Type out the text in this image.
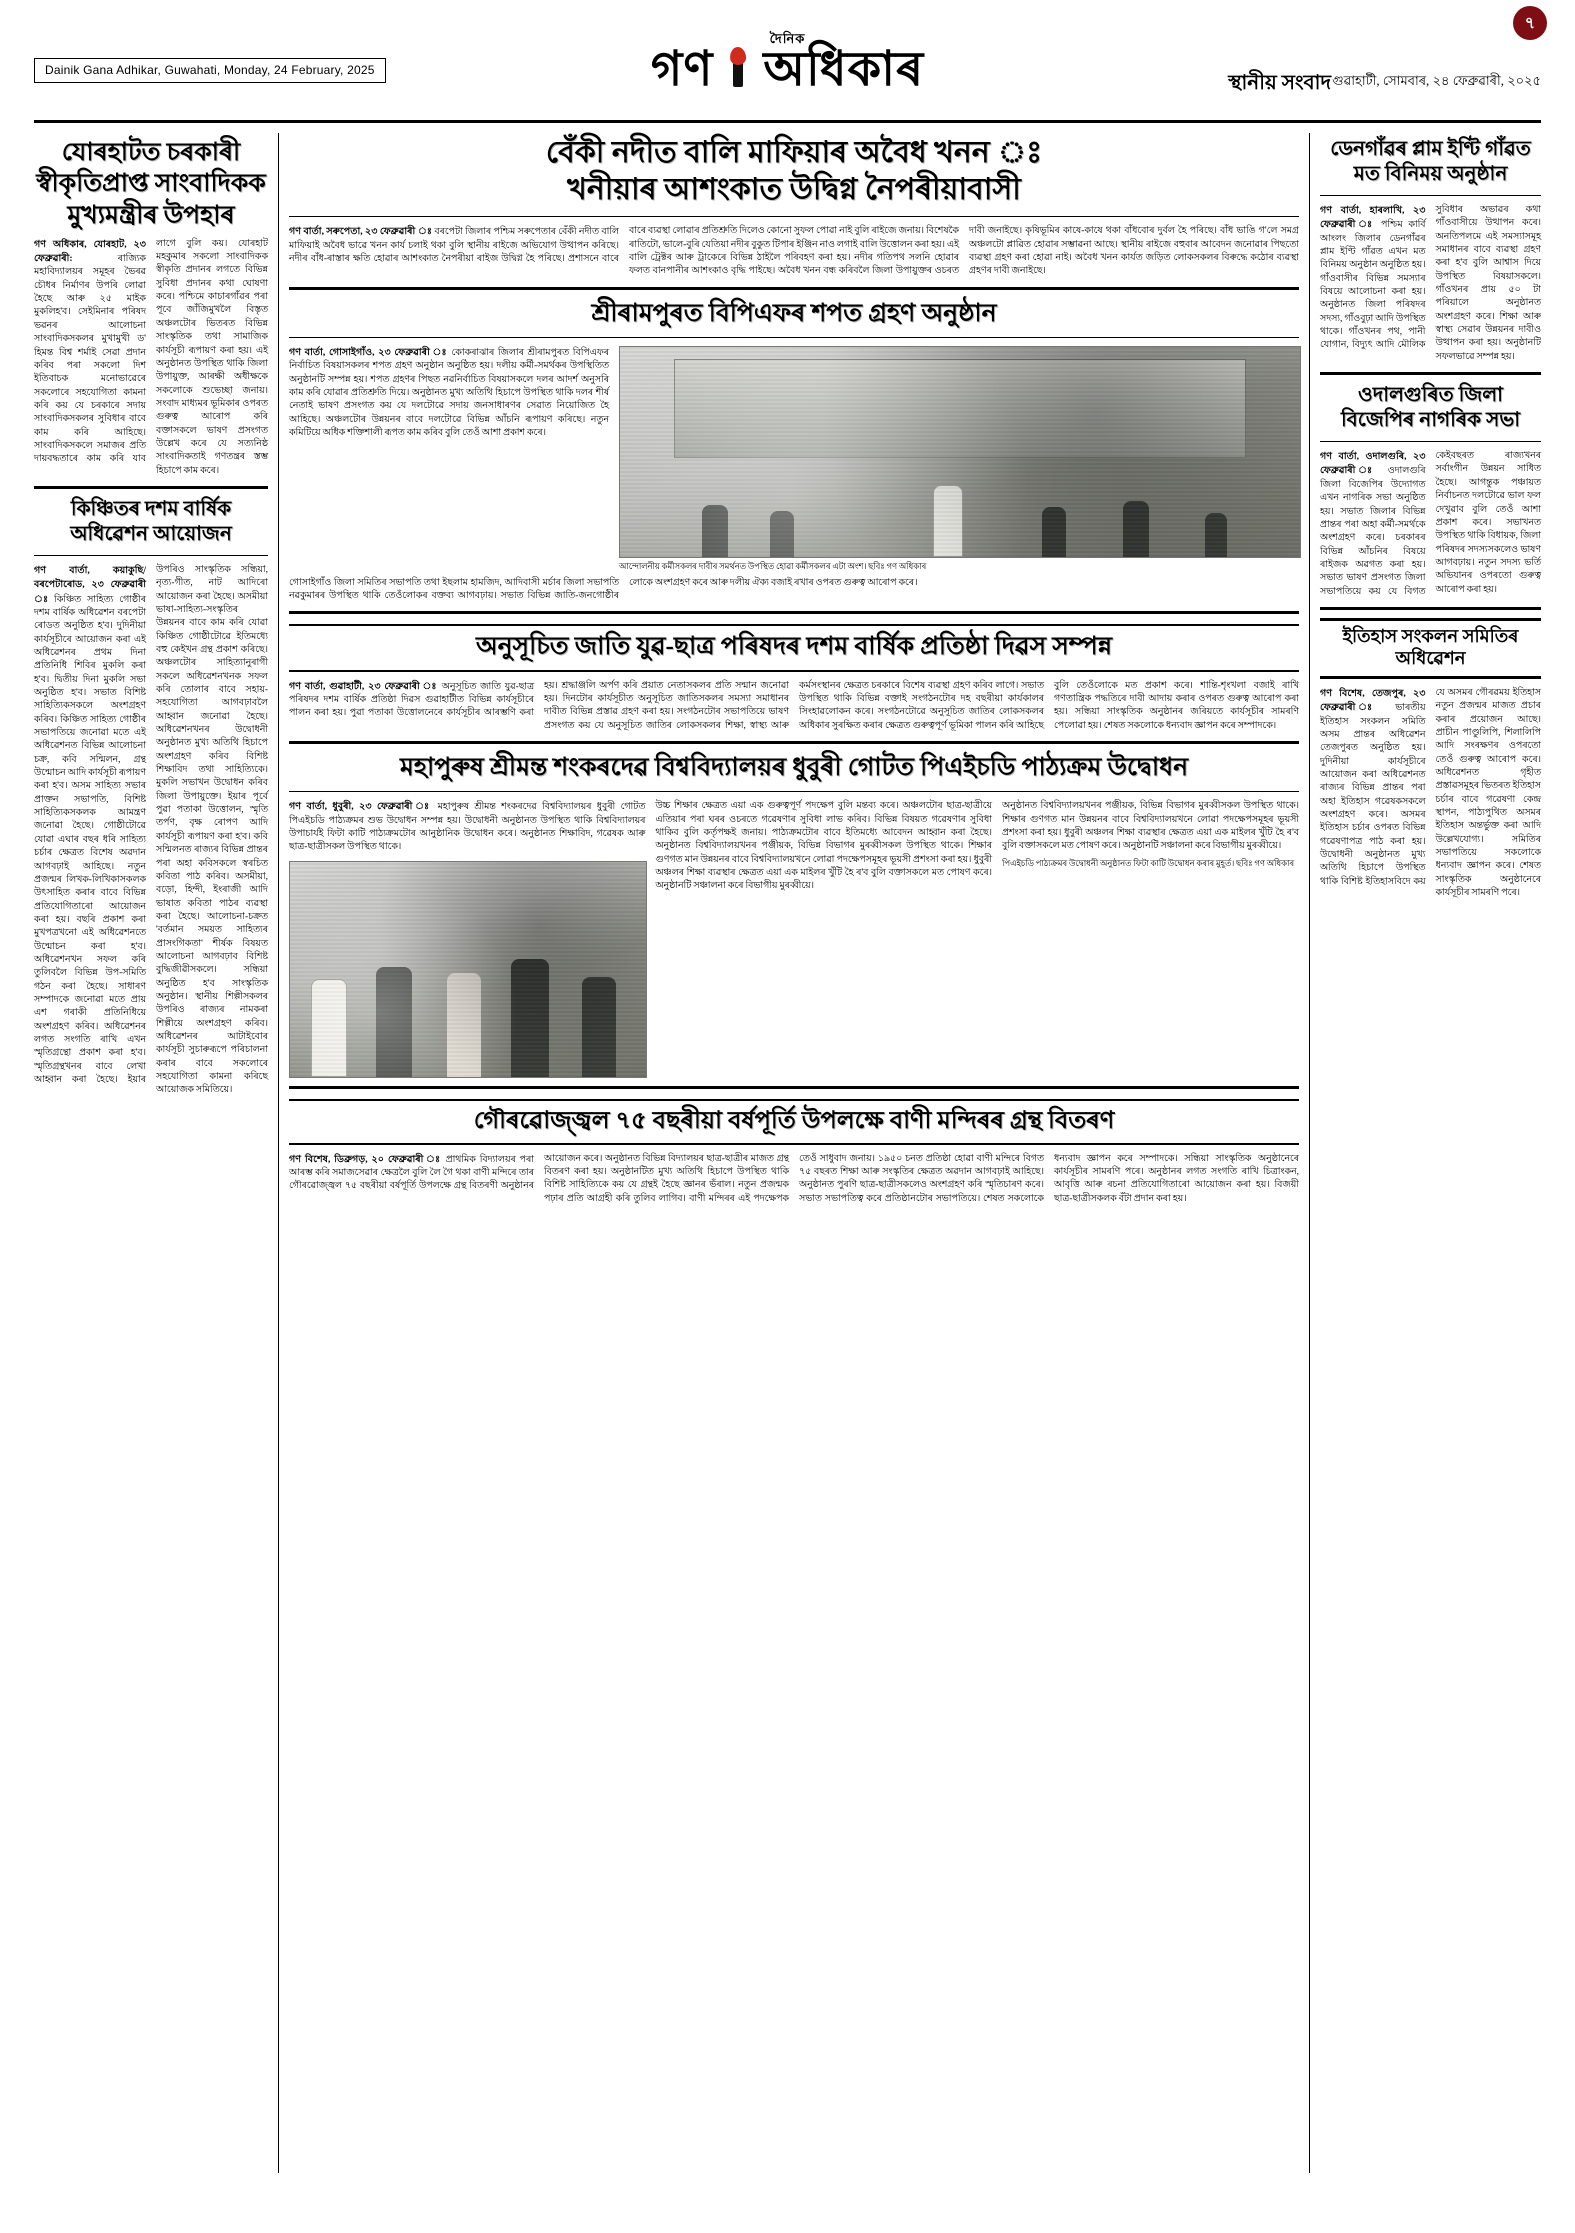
Dainik Gana Adhikar, Guwahati, Monday, 24 February, 2025
দৈনিক
গণ অধিকাৰ	স্থানীয় সংবাদ গুৱাহাটী, সোমবাৰ, ২৪ ফেব্ৰুৱাৰী, ২০২৫
৭
যোৰহাটত চৰকাৰী স্বীকৃতিপ্ৰাপ্ত সাংবাদিকক মুখ্যমন্ত্ৰীৰ উপহাৰ
গণ অধিকাৰ, যোৰহাট, ২৩ ফেব্ৰুৱাৰী:	ৰাজ্যিক মহাবিদ্যালয়ৰ সমূহৰ ভৈৰৱ চৌধৰ নিৰ্মাণৰ উপৰি লোৱা হৈছে আৰু ২৫ মাইক মুকলিহ'ব। সেইমিনাৰ পৰিষদ ভৱনৰ আলোচনা সাংবাদিকসকলৰ মুখামুখী ড' হিমন্ত বিশ্ব শৰ্মাই সেৱা প্ৰদান কৰিব পৰা সকলো দিশ ইতিবাচক মনোভাৱেৰে সকলোৰে সহযোগিতা কামনা কৰি কয় যে চৰকাৰে সদায় সাংবাদিকসকলৰ সুবিধাৰ বাবে কাম কৰি আহিছে। সাংবাদিকসকলে সমাজৰ প্ৰতি দায়বদ্ধতাৰে কাম কৰি যাব লাগে বুলি কয়। যোৰহাট মহকুমাৰ সকলো সাংবাদিকক স্বীকৃতি প্ৰদানৰ লগতে বিভিন্ন সুবিধা প্ৰদানৰ কথা ঘোষণা কৰে। পশ্চিমে কাচাৰগাঁৱৰ পৰা পূবে জাঁজিমুখলৈ বিস্তৃত অঞ্চলটোৰ ভিতৰত বিভিন্ন সাংস্কৃতিক তথা সামাজিক কাৰ্যসূচী ৰূপায়ণ কৰা হয়। এই অনুষ্ঠানত উপস্থিত থাকি জিলা উপায়ুক্ত, আৰক্ষী অধীক্ষকে সকলোকে শুভেচ্ছা জনায়। সংবাদ মাধ্যমৰ ভূমিকাৰ ওপৰত গুৰুত্ব আৰোপ কৰি বক্তাসকলে ভাষণ প্ৰসংগত উল্লেখ কৰে যে সত্যনিষ্ঠ সাংবাদিকতাই গণতন্ত্ৰৰ স্তম্ভ হিচাপে কাম কৰে।
কিঞ্চিতৰ দশম বাৰ্ষিক অধিৱেশন আয়োজন
গণ বাৰ্তা, কয়াকুছি/ বৰপেটাৰোড, ২৩ ফেব্ৰুৱাৰী ঃ কিঞ্চিত সাহিত্য গোষ্ঠীৰ দশম বাৰ্ষিক অধিৱেশন বৰপেটা ৰোডত অনুষ্ঠিত হ'ব। দুদিনীয়া কাৰ্যসূচীৰে আয়োজন কৰা এই অধিৱেশনৰ প্ৰথম দিনা প্ৰতিনিধি শিবিৰ মুকলি কৰা হ'ব। দ্বিতীয় দিনা মুকলি সভা অনুষ্ঠিত হ'ব। সভাত বিশিষ্ট সাহিত্যিকসকলে অংশগ্ৰহণ কৰিব। কিঞ্চিত সাহিত্য গোষ্ঠীৰ সভাপতিয়ে জনোৱা মতে এই অধিৱেশনত বিভিন্ন আলোচনা চক্ৰ, কবি সন্মিলন, গ্ৰন্থ উন্মোচন আদি কাৰ্যসূচী ৰূপায়ণ কৰা হ'ব। অসম সাহিত্য সভাৰ প্ৰাক্তন সভাপতি, বিশিষ্ট সাহিত্যিকসকলক আমন্ত্ৰণ জনোৱা হৈছে। গোষ্ঠীটোৱে যোৱা এঘাৰ বছৰ ধৰি সাহিত্য চৰ্চাৰ ক্ষেত্ৰত বিশেষ অৱদান আগবঢ়াই আহিছে। নতুন প্ৰজন্মৰ লিখক-লিখিকাসকলক উৎসাহিত কৰাৰ বাবে বিভিন্ন প্ৰতিযোগিতাৰো আয়োজন কৰা হয়। বছৰি প্ৰকাশ কৰা মুখপত্ৰখনো এই অধিৱেশনতে উন্মোচন কৰা হ'ব। অধিৱেশনখন সফল কৰি তুলিবলৈ বিভিন্ন উপ-সমিতি গঠন কৰা হৈছে। সাধাৰণ সম্পাদকে জনোৱা মতে প্ৰায় এশ গৰাকী প্ৰতিনিধিয়ে অংশগ্ৰহণ কৰিব। অধিৱেশনৰ লগত সংগতি ৰাখি এখন স্মৃতিগ্ৰন্থো প্ৰকাশ কৰা হ'ব। স্মৃতিগ্ৰন্থখনৰ বাবে লেখা আহ্বান কৰা হৈছে। ইয়াৰ উপৰিও সাংস্কৃতিক সন্ধিয়া, নৃত্য-গীত, নাট আদিৰো আয়োজন কৰা হৈছে। অসমীয়া ভাষা-সাহিত্য-সংস্কৃতিৰ উন্নয়নৰ বাবে কাম কৰি যোৱা কিঞ্চিত গোষ্ঠীটোৱে ইতিমধ্যে বহু কেইখন গ্ৰন্থ প্ৰকাশ কৰিছে। অঞ্চলটোৰ সাহিত্যানুৰাগী সকলে অধিৱেশনখনক সফল কৰি তোলাৰ বাবে সহায়-সহযোগিতা আগবঢ়াবলৈ আহ্বান জনোৱা হৈছে। অধিৱেশনখনৰ উদ্বোধনী অনুষ্ঠানত মুখ্য অতিথি হিচাপে অংশগ্ৰহণ কৰিব বিশিষ্ট শিক্ষাবিদ তথা সাহিত্যিকে। মুকলি সভাখন উদ্বোধন কৰিব জিলা উপায়ুক্তে। ইয়াৰ পূৰ্বে পুৱা পতাকা উত্তোলন, স্মৃতি তৰ্পণ, বৃক্ষ ৰোপণ আদি কাৰ্যসূচী ৰূপায়ণ কৰা হ'ব। কবি সন্মিলনত ৰাজ্যৰ বিভিন্ন প্ৰান্তৰ পৰা অহা কবিসকলে স্বৰচিত কবিতা পাঠ কৰিব। অসমীয়া, বড়ো, হিন্দী, ইংৰাজী আদি ভাষাত কবিতা পাঠৰ ব্যৱস্থা কৰা হৈছে। আলোচনা-চক্ৰত 'বৰ্তমান সময়ত সাহিত্যৰ প্ৰাসংগিকতা' শীৰ্ষক বিষয়ত আলোচনা আগবঢ়াব বিশিষ্ট বুদ্ধিজীৱীসকলে। সন্ধিয়া অনুষ্ঠিত হ'ব সাংস্কৃতিক অনুষ্ঠান। স্থানীয় শিল্পীসকলৰ উপৰিও ৰাজ্যৰ নামকৰা শিল্পীয়ে অংশগ্ৰহণ কৰিব। অধিৱেশনৰ আটাইবোৰ কাৰ্যসূচী সুচাৰুৰূপে পৰিচালনা কৰাৰ বাবে সকলোৰে সহযোগিতা কামনা কৰিছে আয়োজক সমিতিয়ে।
বেঁকী নদীত বালি মাফিয়াৰ অবৈধ খনন ঃ
খনীয়াৰ আশংকাত উদ্বিগ্ন নৈপৰীয়াবাসী
গণ বাৰ্তা, সৰুপেতা, ২৩ ফেব্ৰুৱাৰী ঃ বৰপেটা জিলাৰ পশ্চিম সৰুপেতাৰ বেঁকী নদীত বালি মাফিয়াই অবৈধ ভাৱে খনন কাৰ্য চলাই থকা বুলি স্থানীয় ৰাইজে অভিযোগ উত্থাপন কৰিছে। নদীৰ বাঁধ-ৰাস্তাৰ ক্ষতি হোৱাৰ আশংকাত নৈপৰীয়া ৰাইজ উদ্বিগ্ন হৈ পৰিছে। প্ৰশাসনে বাৰে বাৰে ব্যৱস্থা লোৱাৰ প্ৰতিশ্ৰুতি দিলেও কোনো সুফল পোৱা নাই বুলি ৰাইজে জনায়। বিশেষকৈ ৰাতিটো, ভালে-বুৰি যেতিয়া নদীৰ বুকুত টিপাৰ ইঞ্জিন নাও লগাই বালি উত্তোলন কৰা হয়। এই বালি ট্ৰেক্টৰ আৰু ট্ৰাকেৰে বিভিন্ন ঠাইলৈ পৰিবহণ কৰা হয়। নদীৰ গতিপথ সলনি হোৱাৰ ফলত বানপানীৰ আশংকাও বৃদ্ধি পাইছে। অবৈধ খনন বন্ধ কৰিবলৈ জিলা উপায়ুক্তৰ ওচৰত দাবী জনাইছে। কৃষিভূমিৰ কাষে-কাষে থকা বাঁধবোৰ দুৰ্বল হৈ পৰিছে। বাঁধ ভাঙি গ'লে সমগ্ৰ অঞ্চলটো প্লাৱিত হোৱাৰ সম্ভাৱনা আছে। স্থানীয় ৰাইজে বহুবাৰ আবেদন জনোৱাৰ পিছতো ব্যৱস্থা গ্ৰহণ কৰা হোৱা নাই। অবৈধ খনন কাৰ্যত জড়িত লোকসকলৰ বিৰুদ্ধে কঠোৰ ব্যৱস্থা গ্ৰহণৰ দাবী জনাইছে।
শ্ৰীৰামপুৰত বিপিএফৰ শপত গ্ৰহণ অনুষ্ঠান
গণ বাৰ্তা, গোসাইগাঁও, ২৩ ফেব্ৰুৱাৰী ঃ কোকৰাঝাৰ জিলাৰ শ্ৰীৰামপুৰত বিপিএফৰ নিৰ্বাচিত বিষয়াসকলৰ শপত গ্ৰহণ অনুষ্ঠান অনুষ্ঠিত হয়। দলীয় কৰ্মী-সমৰ্থকৰ উপস্থিতিত অনুষ্ঠানটি সম্পন্ন হয়। শপত গ্ৰহণৰ পিছত নৱনিৰ্বাচিত বিষয়াসকলে দলৰ আদৰ্শ অনুসৰি কাম কৰি যোৱাৰ প্ৰতিশ্ৰুতি দিয়ে। অনুষ্ঠানত মুখ্য অতিথি হিচাপে উপস্থিত থাকি দলৰ শীৰ্ষ নেতাই ভাষণ প্ৰসংগত কয় যে দলটোৱে সদায় জনসাধাৰণৰ সেৱাত নিয়োজিত হৈ আহিছে। অঞ্চলটোৰ উন্নয়নৰ বাবে দলটোৱে বিভিন্ন আঁচনি ৰূপায়ণ কৰিছে। নতুন কমিটিয়ে অধিক শক্তিশালী ৰূপত কাম কৰিব বুলি তেওঁ আশা প্ৰকাশ কৰে।
আন্দোলনীয় কৰ্মীসকলৰ দাবীৰ সমৰ্থনত উপস্থিত হোৱা কৰ্মীসকলৰ এটা অংশ। ছবিঃ গণ অধিকাৰ
গোসাইগাঁও জিলা সমিতিৰ সভাপতি তথা ইছলাম হামজিদ, আদিবাসী মৰ্চাৰ জিলা সভাপতি নৱকুমাৰৰ উপস্থিত থাকি তেওঁলোকৰ বক্তব্য আগবঢ়ায়। সভাত বিভিন্ন জাতি-জনগোষ্ঠীৰ লোকে অংশগ্ৰহণ কৰে আৰু দলীয় ঐক্য বজাই ৰখাৰ ওপৰত গুৰুত্ব আৰোপ কৰে।
অনুসূচিত জাতি যুৱ-ছাত্ৰ পৰিষদৰ দশম বাৰ্ষিক প্ৰতিষ্ঠা দিৱস সম্পন্ন
গণ বাৰ্তা, গুৱাহাটী, ২৩ ফেব্ৰুৱাৰী ঃ অনুসূচিত জাতি যুৱ-ছাত্ৰ পৰিষদৰ দশম বাৰ্ষিক প্ৰতিষ্ঠা দিৱস গুৱাহাটীত বিভিন্ন কাৰ্যসূচীৰে পালন কৰা হয়। পুৱা পতাকা উত্তোলনেৰে কাৰ্যসূচীৰ আৰম্ভণি কৰা হয়। শ্ৰদ্ধাঞ্জলি অৰ্পণ কৰি প্ৰয়াত নেতাসকলৰ প্ৰতি সন্মান জনোৱা হয়। দিনটোৰ কাৰ্যসূচীত অনুসূচিত জাতিসকলৰ সমস্যা সমাধানৰ দাবীত বিভিন্ন প্ৰস্তাৱ গ্ৰহণ কৰা হয়। সংগঠনটোৰ সভাপতিয়ে ভাষণ প্ৰসংগত কয় যে অনুসূচিত জাতিৰ লোকসকলৰ শিক্ষা, স্বাস্থ্য আৰু কৰ্মসংস্থানৰ ক্ষেত্ৰত চৰকাৰে বিশেষ ব্যৱস্থা গ্ৰহণ কৰিব লাগে। সভাত উপস্থিত থাকি বিভিন্ন বক্তাই সংগঠনটোৰ দহ বছৰীয়া কাৰ্যকালৰ সিংহাৱলোকন কৰে। সংগঠনটোৱে অনুসূচিত জাতিৰ লোকসকলৰ অধিকাৰ সুৰক্ষিত কৰাৰ ক্ষেত্ৰত গুৰুত্বপূৰ্ণ ভূমিকা পালন কৰি আহিছে বুলি তেওঁলোকে মত প্ৰকাশ কৰে। শান্তি-শৃংখলা বজাই ৰাখি গণতান্ত্ৰিক পদ্ধতিৰে দাবী আদায় কৰাৰ ওপৰত গুৰুত্ব আৰোপ কৰা হয়। সন্ধিয়া সাংস্কৃতিক অনুষ্ঠানৰ জৰিয়তে কাৰ্যসূচীৰ সামৰণি পেলোৱা হয়। শেষত সকলোকে ধন্যবাদ জ্ঞাপন কৰে সম্পাদকে।
মহাপুৰুষ শ্ৰীমন্ত শংকৰদেৱ বিশ্ববিদ্যালয়ৰ ধুবুৰী গোটত পিএইচডি পাঠ্যক্ৰম উদ্বোধন
গণ বাৰ্তা, ধুবুৰী, ২৩ ফেব্ৰুৱাৰী ঃ মহাপুৰুষ শ্ৰীমন্ত শংকৰদেৱ বিশ্ববিদ্যালয়ৰ ধুবুৰী গোটত পিএইচডি পাঠ্যক্ৰমৰ শুভ উদ্বোধন সম্পন্ন হয়। উদ্বোধনী অনুষ্ঠানত উপস্থিত থাকি বিশ্ববিদ্যালয়ৰ উপাচাৰ্যই ফিটা কাটি পাঠ্যক্ৰমটোৰ আনুষ্ঠানিক উদ্বোধন কৰে। অনুষ্ঠানত শিক্ষাবিদ, গৱেষক আৰু ছাত্ৰ-ছাত্ৰীসকল উপস্থিত থাকে।
উচ্চ শিক্ষাৰ ক্ষেত্ৰত এয়া এক গুৰুত্বপূৰ্ণ পদক্ষেপ বুলি মন্তব্য কৰে। অঞ্চলটোৰ ছাত্ৰ-ছাত্ৰীয়ে এতিয়াৰ পৰা ঘৰৰ ওচৰতে গৱেষণাৰ সুবিধা লাভ কৰিব। বিভিন্ন বিষয়ত গৱেষণাৰ সুবিধা থাকিব বুলি কৰ্তৃপক্ষই জনায়। পাঠ্যক্ৰমটোৰ বাবে ইতিমধ্যে আবেদন আহ্বান কৰা হৈছে। অনুষ্ঠানত বিশ্ববিদ্যালয়খনৰ পঞ্জীয়ক, বিভিন্ন বিভাগৰ মুৰব্বীসকল উপস্থিত থাকে। শিক্ষাৰ গুণগত মান উন্নয়নৰ বাবে বিশ্ববিদ্যালয়খনে লোৱা পদক্ষেপসমূহৰ ভূয়সী প্ৰশংসা কৰা হয়। ধুবুৰী অঞ্চলৰ শিক্ষা ব্যৱস্থাৰ ক্ষেত্ৰত এয়া এক মাইলৰ খুঁটি হৈ ৰ'ব বুলি বক্তাসকলে মত পোষণ কৰে। অনুষ্ঠানটি সঞ্চালনা কৰে বিভাগীয় মুৰব্বীয়ে।
অনুষ্ঠানত বিশ্ববিদ্যালয়খনৰ পঞ্জীয়ক, বিভিন্ন বিভাগৰ মুৰব্বীসকল উপস্থিত থাকে। শিক্ষাৰ গুণগত মান উন্নয়নৰ বাবে বিশ্ববিদ্যালয়খনে লোৱা পদক্ষেপসমূহৰ ভূয়সী প্ৰশংসা কৰা হয়। ধুবুৰী অঞ্চলৰ শিক্ষা ব্যৱস্থাৰ ক্ষেত্ৰত এয়া এক মাইলৰ খুঁটি হৈ ৰ'ব বুলি বক্তাসকলে মত পোষণ কৰে। অনুষ্ঠানটি সঞ্চালনা কৰে বিভাগীয় মুৰব্বীয়ে।
পিএইচডি পাঠ্যক্ৰমৰ উদ্বোধনী অনুষ্ঠানত ফিটা কাটি উদ্বোধন কৰাৰ মুহূৰ্ত। ছবিঃ গণ অধিকাৰ
গৌৰৱোজ্জ্বল ৭৫ বছৰীয়া বৰ্ষপূৰ্তি উপলক্ষে বাণী মন্দিৰৰ গ্ৰন্থ বিতৰণ
গণ বিশেষ, ডিব্ৰুগড়, ২০ ফেব্ৰুৱাৰী ঃ প্ৰাথমিক বিদ্যালয়ৰ পৰা আৰম্ভ কৰি সমাজসেৱাৰ ক্ষেত্ৰলৈ বুলি লৈ গৈ থকা বাণী মন্দিৰে তাৰ গৌৰৱোজ্জ্বল ৭৫ বছৰীয়া বৰ্ষপূৰ্তি উপলক্ষে গ্ৰন্থ বিতৰণী অনুষ্ঠানৰ আয়োজন কৰে। অনুষ্ঠানত বিভিন্ন বিদ্যালয়ৰ ছাত্ৰ-ছাত্ৰীৰ মাজত গ্ৰন্থ বিতৰণ কৰা হয়। অনুষ্ঠানটিত মুখ্য অতিথি হিচাপে উপস্থিত থাকি বিশিষ্ট সাহিত্যিকে কয় যে গ্ৰন্থই হৈছে জ্ঞানৰ ভঁৰাল। নতুন প্ৰজন্মক পঢ়াৰ প্ৰতি আগ্ৰহী কৰি তুলিব লাগিব। বাণী মন্দিৰৰ এই পদক্ষেপক তেওঁ সাধুবাদ জনায়। ১৯৫০ চনত প্ৰতিষ্ঠা হোৱা বাণী মন্দিৰে বিগত ৭৫ বছৰত শিক্ষা আৰু সংস্কৃতিৰ ক্ষেত্ৰত অৱদান আগবঢ়াই আহিছে। অনুষ্ঠানত পুৰণি ছাত্ৰ-ছাত্ৰীসকলেও অংশগ্ৰহণ কৰি স্মৃতিচাৰণ কৰে। সভাত সভাপতিত্ব কৰে প্ৰতিষ্ঠানটোৰ সভাপতিয়ে। শেষত সকলোকে ধন্যবাদ জ্ঞাপন কৰে সম্পাদকে। সন্ধিয়া সাংস্কৃতিক অনুষ্ঠানেৰে কাৰ্যসূচীৰ সামৰণি পৰে। অনুষ্ঠানৰ লগত সংগতি ৰাখি চিত্ৰাংকন, আবৃত্তি আৰু ৰচনা প্ৰতিযোগিতাৰো আয়োজন কৰা হয়। বিজয়ী ছাত্ৰ-ছাত্ৰীসকলক বঁটা প্ৰদান কৰা হয়।
ডেনগাঁৱৰ প্লাম ইণ্টি গাঁৱত মত বিনিময় অনুষ্ঠান
গণ বাৰ্তা, হাৰলাখি, ২৩ ফেব্ৰুৱাৰী ঃ পশ্চিম কাৰ্বি আংলং জিলাৰ ডেনগাঁৱৰ প্লাম ইণ্টি গাঁৱত এখন মত বিনিময় অনুষ্ঠান অনুষ্ঠিত হয়। গাঁওবাসীৰ বিভিন্ন সমস্যাৰ বিষয়ে আলোচনা কৰা হয়। অনুষ্ঠানত জিলা পৰিষদৰ সদস্য, গাঁওবুঢ়া আদি উপস্থিত থাকে। গাঁওখনৰ পথ, পানী যোগান, বিদ্যুৎ আদি মৌলিক সুবিধাৰ অভাৱৰ কথা গাঁওবাসীয়ে উত্থাপন কৰে। অনতিপলমে এই সমস্যাসমূহ সমাধানৰ বাবে ব্যৱস্থা গ্ৰহণ কৰা হ'ব বুলি আশ্বাস দিয়ে উপস্থিত বিষয়াসকলে। গাঁওখনৰ প্ৰায় ৫০ টা পৰিয়ালে অনুষ্ঠানত অংশগ্ৰহণ কৰে। শিক্ষা আৰু স্বাস্থ্য সেৱাৰ উন্নয়নৰ দাবীও উত্থাপন কৰা হয়। অনুষ্ঠানটি সফলভাৱে সম্পন্ন হয়।
ওদালগুৰিত জিলা বিজেপিৰ নাগৰিক সভা
গণ বাৰ্তা, ওদালগুৰি, ২৩ ফেব্ৰুৱাৰী ঃ ওদালগুৰি জিলা বিজেপিৰ উদ্যোগত এখন নাগৰিক সভা অনুষ্ঠিত হয়। সভাত জিলাৰ বিভিন্ন প্ৰান্তৰ পৰা অহা কৰ্মী-সমৰ্থকে অংশগ্ৰহণ কৰে। চৰকাৰৰ বিভিন্ন আঁচনিৰ বিষয়ে ৰাইজক অৱগত কৰা হয়। সভাত ভাষণ প্ৰসংগত জিলা সভাপতিয়ে কয় যে বিগত কেইবছৰত ৰাজ্যখনৰ সৰ্বাংগীন উন্নয়ন সাধিত হৈছে। আগন্তুক পঞ্চায়ত নিৰ্বাচনত দলটোৱে ভাল ফল দেখুৱাব বুলি তেওঁ আশা প্ৰকাশ কৰে। সভাখনত উপস্থিত থাকি বিধায়ক, জিলা পৰিষদৰ সদস্যসকলেও ভাষণ আগবঢ়ায়। নতুন সদস্য ভৰ্তি অভিযানৰ ওপৰতো গুৰুত্ব আৰোপ কৰা হয়।
ইতিহাস সংকলন সমিতিৰ অধিৱেশন
গণ বিশেষ, তেজপুৰ, ২৩ ফেব্ৰুৱাৰী ঃ ভাৰতীয় ইতিহাস সংকলন সমিতি অসম প্ৰান্তৰ অধিৱেশন তেজপুৰত অনুষ্ঠিত হয়। দুদিনীয়া কাৰ্যসূচীৰে আয়োজন কৰা অধিৱেশনত ৰাজ্যৰ বিভিন্ন প্ৰান্তৰ পৰা অহা ইতিহাস গৱেষকসকলে অংশগ্ৰহণ কৰে। অসমৰ ইতিহাস চৰ্চাৰ ওপৰত বিভিন্ন গৱেষণাপত্ৰ পাঠ কৰা হয়। উদ্বোধনী অনুষ্ঠানত মুখ্য অতিথি হিচাপে উপস্থিত থাকি বিশিষ্ট ইতিহাসবিদে কয় যে অসমৰ গৌৰৱময় ইতিহাস নতুন প্ৰজন্মৰ মাজত প্ৰচাৰ কৰাৰ প্ৰয়োজন আছে। প্ৰাচীন পাণ্ডুলিপি, শিলালিপি আদি সংৰক্ষণৰ ওপৰতো তেওঁ গুৰুত্ব আৰোপ কৰে। অধিৱেশনত গৃহীত প্ৰস্তাৱসমূহৰ ভিতৰত ইতিহাস চৰ্চাৰ বাবে গৱেষণা কেন্দ্ৰ স্থাপন, পাঠ্যপুথিত অসমৰ ইতিহাস অন্তৰ্ভুক্ত কৰা আদি উল্লেখযোগ্য। সমিতিৰ সভাপতিয়ে সকলোকে ধন্যবাদ জ্ঞাপন কৰে। শেষত সাংস্কৃতিক অনুষ্ঠানেৰে কাৰ্যসূচীৰ সামৰণি পৰে।
